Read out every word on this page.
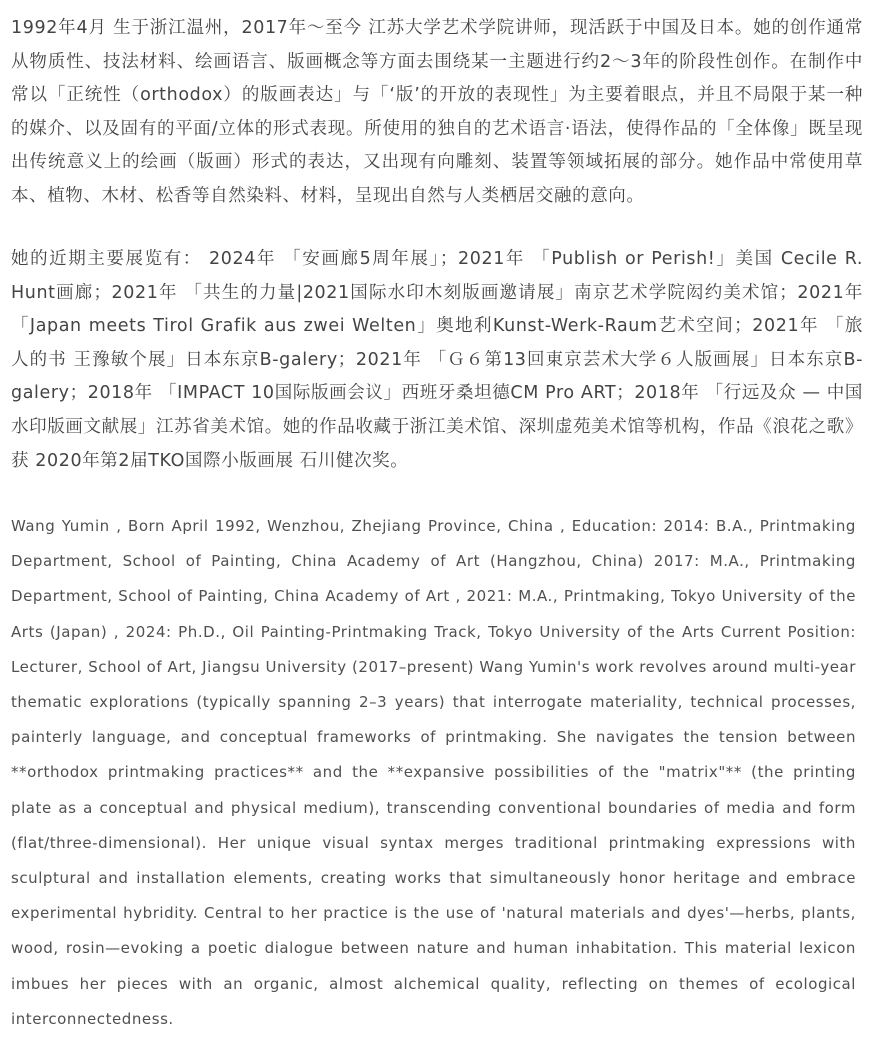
1992年4月 生于浙江温州，2017年～至今 江苏大学艺术学院讲师，现活跃于中国及日本。她的创作通常从物质性、技法材料、绘画语言、版画概念等方面去围绕某一主题进行约2～3年的阶段性创作。在制作中常以「正统性（orthodox）的版画表达」与「‘版’的开放的表现性」为主要着眼点，并且不局限于某一种的媒介、以及固有的平面/立体的形式表现。所使用的独自的艺术语言·语法，使得作品的「全体像」既呈现出传统意义上的绘画（版画）形式的表达，又出现有向雕刻、装置等领域拓展的部分。她作品中常使用草本、植物、木材、松香等自然染料、材料，呈现出自然与人类栖居交融的意向。

她的近期主要展览有： 2024年 「安画廊5周年展」；2021年 「Publish or Perish!」美国 Cecile R. Hunt画廊；2021年 「共生的力量|2021国际水印木刻版画邀请展」南京艺术学院闳约美术馆；2021年「Japan meets Tirol Grafik aus zwei Welten」奥地利Kunst-Werk-Raum艺术空间；2021年 「旅人的书 王豫敏个展」日本东京B-galery；2021年 「Ｇ６第13回東京芸术大学６人版画展」日本东京B-galery；2018年 「IMPACT 10国际版画会议」西班牙桑坦德CM Pro ART；2018年 「行远及众 — 中国水印版画文献展」江苏省美术馆。她的作品收藏于浙江美术馆、深圳虚苑美术馆等机构，作品《浪花之歌》获 2020年第2届TKO国際小版画展 石川健次奖。

Wang Yumin , Born April 1992, Wenzhou, Zhejiang Province, China , Education: 2014: B.A., Printmaking Department, School of Painting, China Academy of Art (Hangzhou, China) 2017: M.A., Printmaking Department, School of Painting, China Academy of Art , 2021: M.A., Printmaking, Tokyo University of the Arts (Japan) , 2024: Ph.D., Oil Painting-Printmaking Track, Tokyo University of the Arts Current Position: Lecturer, School of Art, Jiangsu University (2017–present) Wang Yumin's work revolves around multi-year thematic explorations (typically spanning 2–3 years) that interrogate materiality, technical processes, painterly language, and conceptual frameworks of printmaking. She navigates the tension between **orthodox printmaking practices** and the **expansive possibilities of the "matrix"** (the printing plate as a conceptual and physical medium), transcending conventional boundaries of media and form (flat/three-dimensional). Her unique visual syntax merges traditional printmaking expressions with sculptural and installation elements, creating works that simultaneously honor heritage and embrace experimental hybridity. Central to her practice is the use of 'natural materials and dyes'—herbs, plants, wood, rosin—evoking a poetic dialogue between nature and human inhabitation. This material lexicon imbues her pieces with an organic, almost alchemical quality, reflecting on themes of ecological interconnectedness.
